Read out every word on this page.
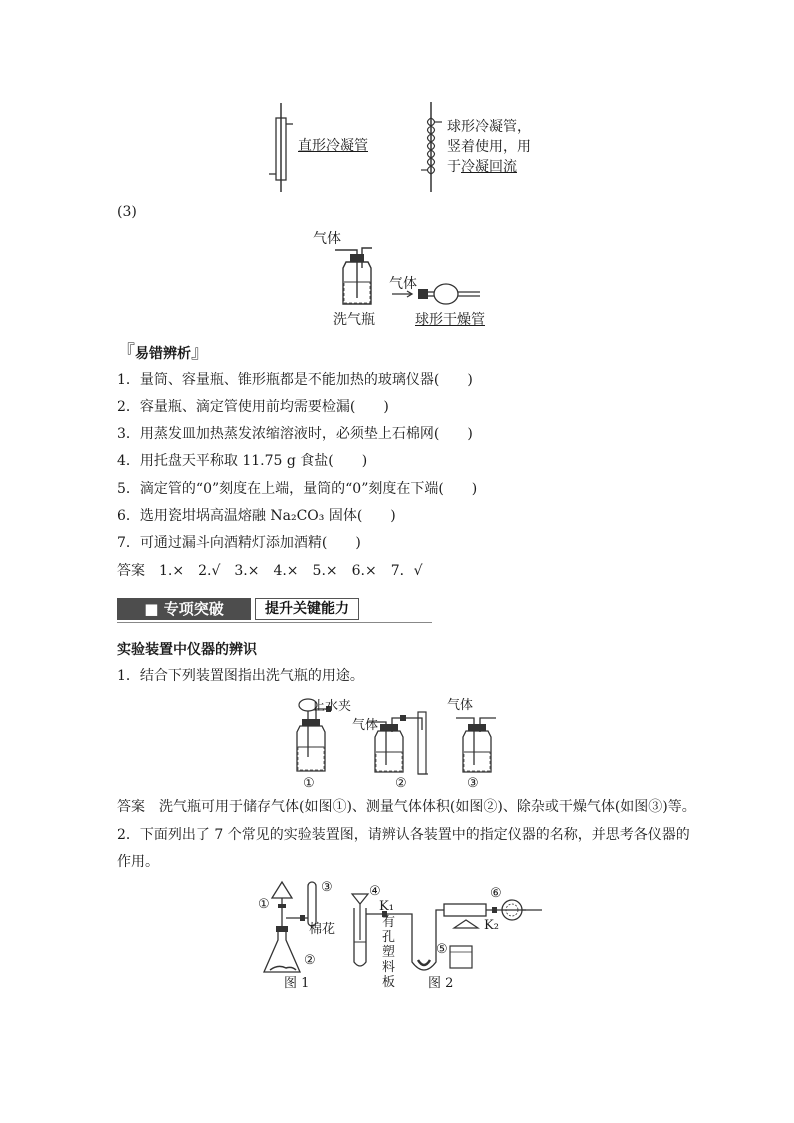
直形冷凝管
球形冷凝管，
竖着使用，用
于冷凝回流
(3)
气体
洗气瓶
气体
球形干燥管
『易错辨析』
1．量筒、容量瓶、锥形瓶都是不能加热的玻璃仪器(　　)
2．容量瓶、滴定管使用前均需要检漏(　　)
3．用蒸发皿加热蒸发浓缩溶液时，必须垫上石棉网(　　)
4．用托盘天平称取 11.75 g 食盐(　　)
5．滴定管的“0”刻度在上端，量筒的“0”刻度在下端(　　)
6．选用瓷坩埚高温熔融 Na₂CO₃ 固体(　　)
7．可通过漏斗向酒精灯添加酒精(　　)
答案　1.×　2.√　3.×　4.×　5.×　6.×　7．√
■ 专项突破	提升关键能力
实验装置中仪器的辨识
1．结合下列装置图指出洗气瓶的用途。
止水夹
①
气体
②
气体
③
答案　洗气瓶可用于储存气体(如图①)、测量气体体积(如图②)、除杂或干燥气体(如图③)等。
2．下面列出了 7 个常见的实验装置图，请辨认各装置中的指定仪器的名称，并思考各仪器的
作用。
①
②
③
棉花
图 1
④
K₁
有
孔
塑
料
板
⑤
⑥
K₂
图 2
